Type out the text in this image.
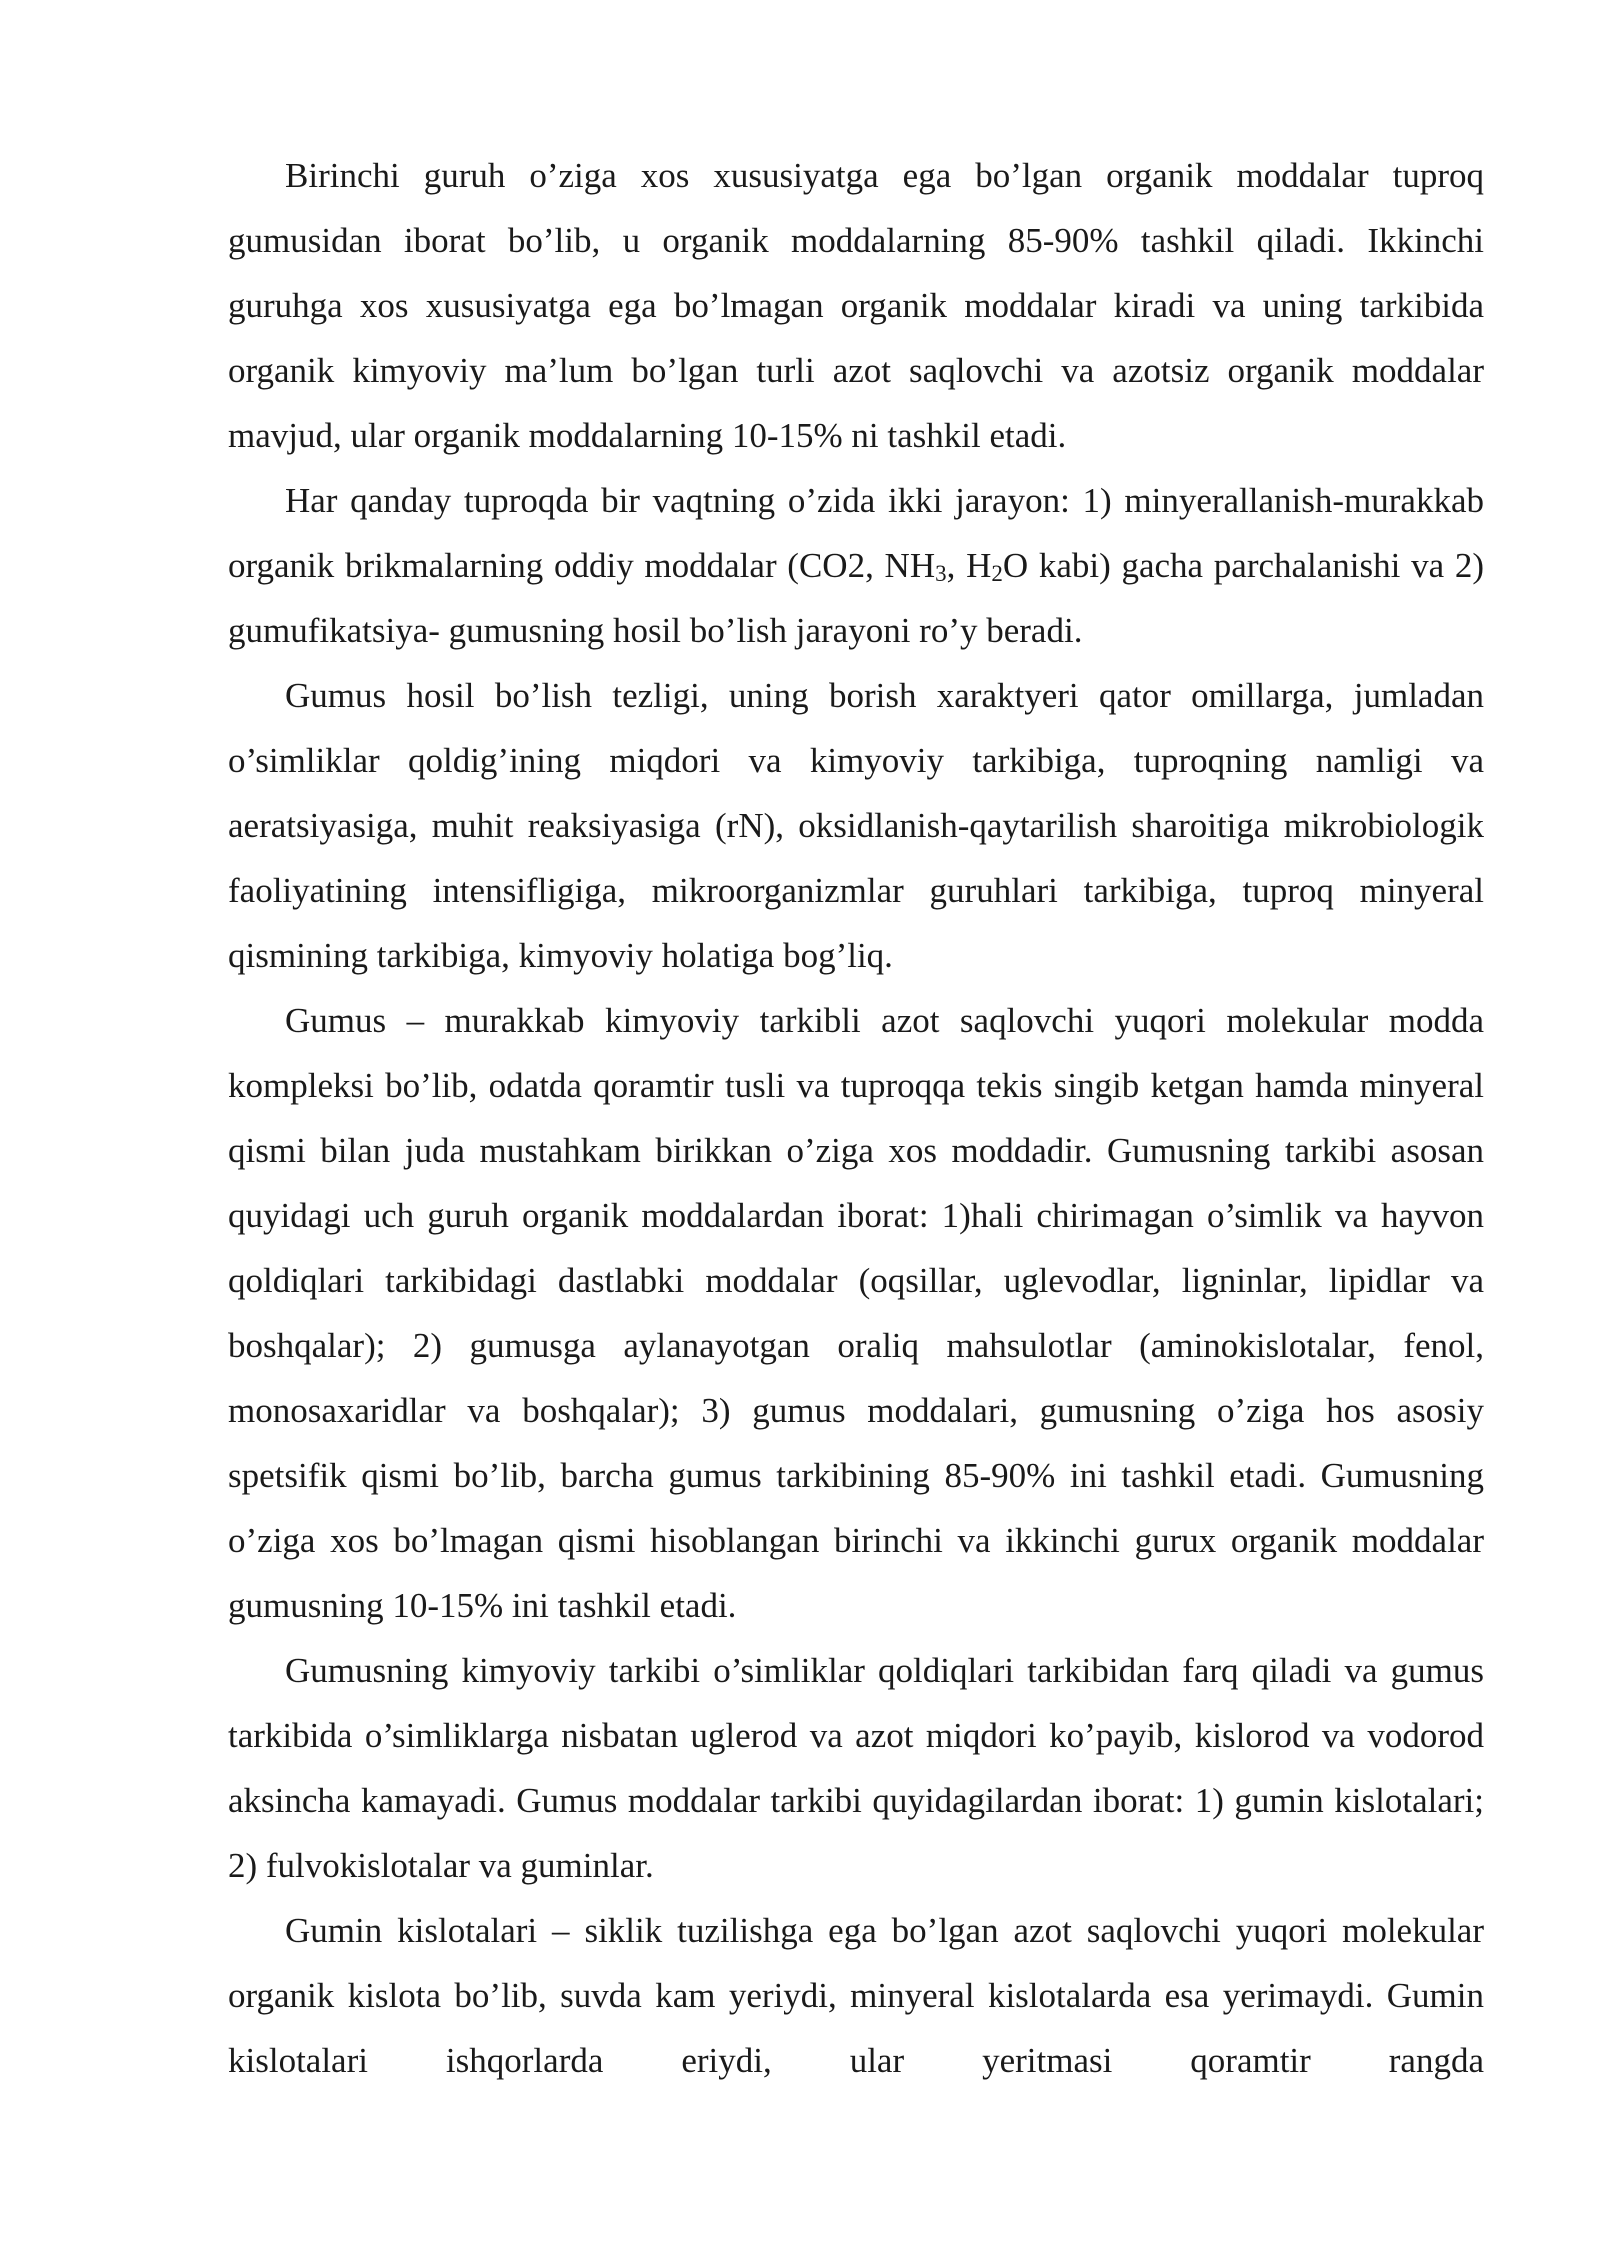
Birinchi guruh o’ziga xos xususiyatga ega bo’lgan organik moddalar tuproq gumusidan iborat bo’lib, u organik moddalarning 85-90% tashkil qiladi. Ikkinchi guruhga xos xususiyatga ega bo’lmagan organik moddalar kiradi va uning tarkibida organik kimyoviy ma’lum bo’lgan turli azot saqlovchi va azotsiz organik moddalar mavjud, ular organik moddalarning 10-15% ni tashkil etadi.

Har qanday tuproqda bir vaqtning o’zida ikki jarayon: 1) minyerallanish-murakkab organik brikmalarning oddiy moddalar (CO2, NH3, H2O kabi) gacha parchalanishi va 2) gumufikatsiya- gumusning hosil bo’lish jarayoni ro’y beradi.

Gumus hosil bo’lish tezligi, uning borish xaraktyeri qator omillarga, jumladan o’simliklar qoldig’ining miqdori va kimyoviy tarkibiga, tuproqning namligi va aeratsiyasiga, muhit reaksiyasiga (rN), oksidlanish-qaytarilish sharoitiga mikrobiologik faoliyatining intensifligiga, mikroorganizmlar guruhlari tarkibiga, tuproq minyeral qismining tarkibiga, kimyoviy holatiga bog’liq.

Gumus – murakkab kimyoviy tarkibli azot saqlovchi yuqori molekular modda kompleksi bo’lib, odatda qoramtir tusli va tuproqqa tekis singib ketgan hamda minyeral qismi bilan juda mustahkam birikkan o’ziga xos moddadir. Gumusning tarkibi asosan quyidagi uch guruh organik moddalardan iborat: 1)hali chirimagan o’simlik va hayvon qoldiqlari tarkibidagi dastlabki moddalar (oqsillar, uglevodlar, ligninlar, lipidlar va boshqalar); 2) gumusga aylanayotgan oraliq mahsulotlar (aminokislotalar, fenol, monosaxaridlar va boshqalar); 3) gumus moddalari, gumusning o’ziga hos asosiy spetsifik qismi bo’lib, barcha gumus tarkibining 85-90% ini tashkil etadi. Gumusning o’ziga xos bo’lmagan qismi hisoblangan birinchi va ikkinchi gurux organik moddalar gumusning 10-15% ini tashkil etadi.

Gumusning kimyoviy tarkibi o’simliklar qoldiqlari tarkibidan farq qiladi va gumus tarkibida o’simliklarga nisbatan uglerod va azot miqdori ko’payib, kislorod va vodorod aksincha kamayadi. Gumus moddalar tarkibi quyidagilardan iborat: 1) gumin kislotalari; 2) fulvokislotalar va guminlar.

Gumin kislotalari – siklik tuzilishga ega bo’lgan azot saqlovchi yuqori molekular organik kislota bo’lib, suvda kam yeriydi, minyeral kislotalarda esa yerimaydi. Gumin kislotalari ishqorlarda eriydi, ular yeritmasi qoramtir rangda
